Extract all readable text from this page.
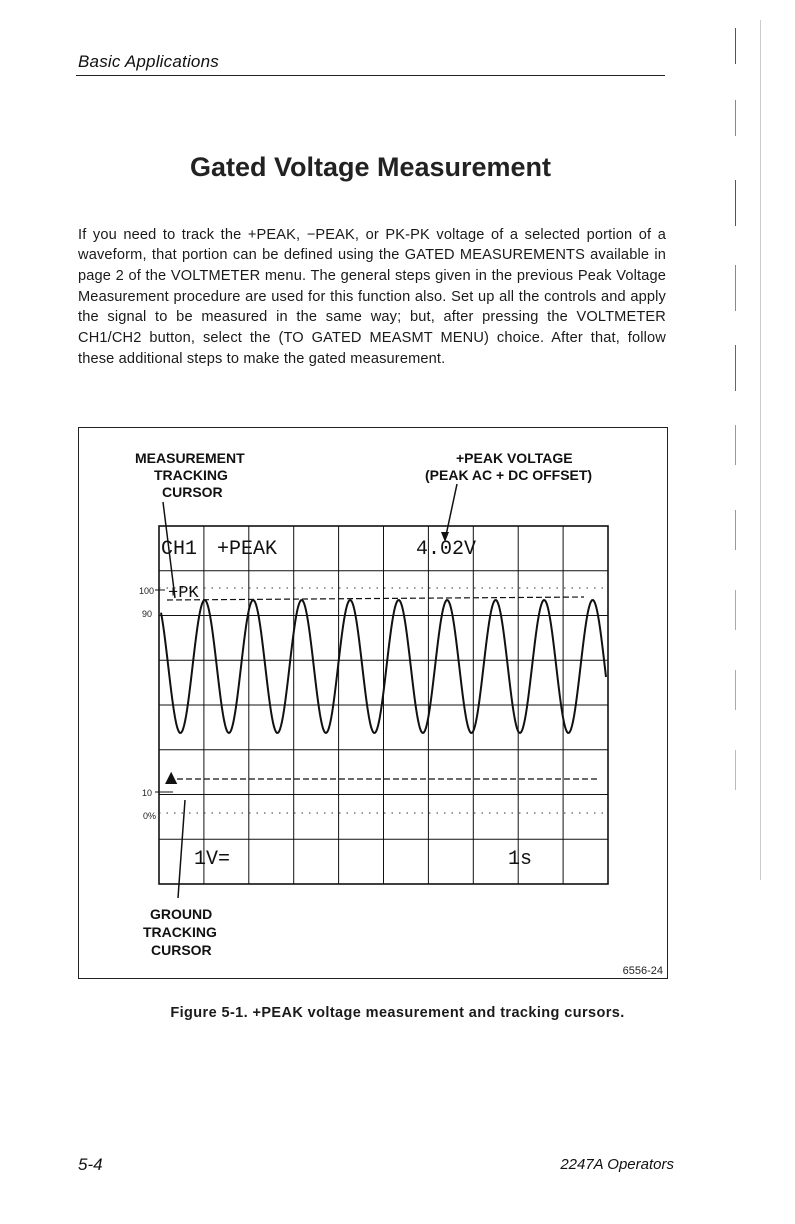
Basic Applications
Gated Voltage Measurement

If you need to track the +PEAK, −PEAK, or PK-PK voltage of a selected portion of a waveform, that portion can be defined using the GATED MEASUREMENTS available in page 2 of the VOLTMETER menu. The general steps given in the previous Peak Voltage Measurement procedure are used for this function also. Set up all the controls and apply the signal to be measured in the same way; but, after pressing the VOLTMETER CH1/CH2 button, select the (TO GATED MEASMT MENU) choice. After that, follow these additional steps to make the gated measurement.

MEASUREMENT
TRACKING
CURSOR
+PEAK VOLTAGE
(PEAK AC + DC OFFSET)
GROUND
TRACKING
CURSOR
100
90
10
0%
CH1 +PEAK	4.02V
+PK
1V=	1s
▲
6556-24
Figure 5-1. +PEAK voltage measurement and tracking cursors.
5-4	2247A Operators
